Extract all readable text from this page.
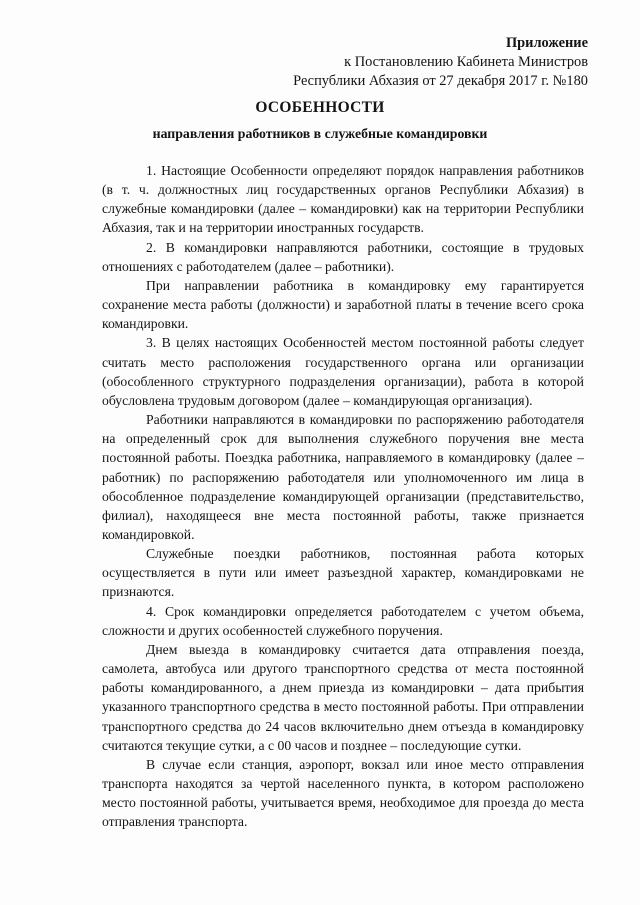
Приложение
к Постановлению Кабинета Министров
Республики Абхазия от 27 декабря 2017 г. №180
ОСОБЕННОСТИ
направления работников в служебные командировки

1. Настоящие Особенности определяют порядок направления работников (в т. ч. должностных лиц государственных органов Республики Абхазия) в служебные командировки (далее – командировки) как на территории Республики Абхазия, так и на территории иностранных государств.

2. В командировки направляются работники, состоящие в трудовых отношениях с работодателем (далее – работники).

При направлении работника в командировку ему гарантируется сохранение места работы (должности) и заработной платы в течение всего срока командировки.

3. В целях настоящих Особенностей местом постоянной работы следует считать место расположения государственного органа или организации (обособленного структурного подразделения организации), работа в которой обусловлена трудовым договором (далее – командирующая организация).

Работники направляются в командировки по распоряжению работодателя на определенный срок для выполнения служебного поручения вне места постоянной работы. Поездка работника, направляемого в командировку (далее – работник) по распоряжению работодателя или уполномоченного им лица в обособленное подразделение командирующей организации (представительство, филиал), находящееся вне места постоянной работы, также признается командировкой.

Служебные поездки работников, постоянная работа которых осуществляется в пути или имеет разъездной характер, командировками не признаются.

4. Срок командировки определяется работодателем с учетом объема, сложности и других особенностей служебного поручения.

Днем выезда в командировку считается дата отправления поезда, самолета, автобуса или другого транспортного средства от места постоянной работы командированного, а днем приезда из командировки – дата прибытия указанного транспортного средства в место постоянной работы. При отправлении транспортного средства до 24 часов включительно днем отъезда в командировку считаются текущие сутки, а с 00 часов и позднее – последующие сутки.

В случае если станция, аэропорт, вокзал или иное место отправления транспорта находятся за чертой населенного пункта, в котором расположено место постоянной работы, учитывается время, необходимое для проезда до места отправления транспорта.
